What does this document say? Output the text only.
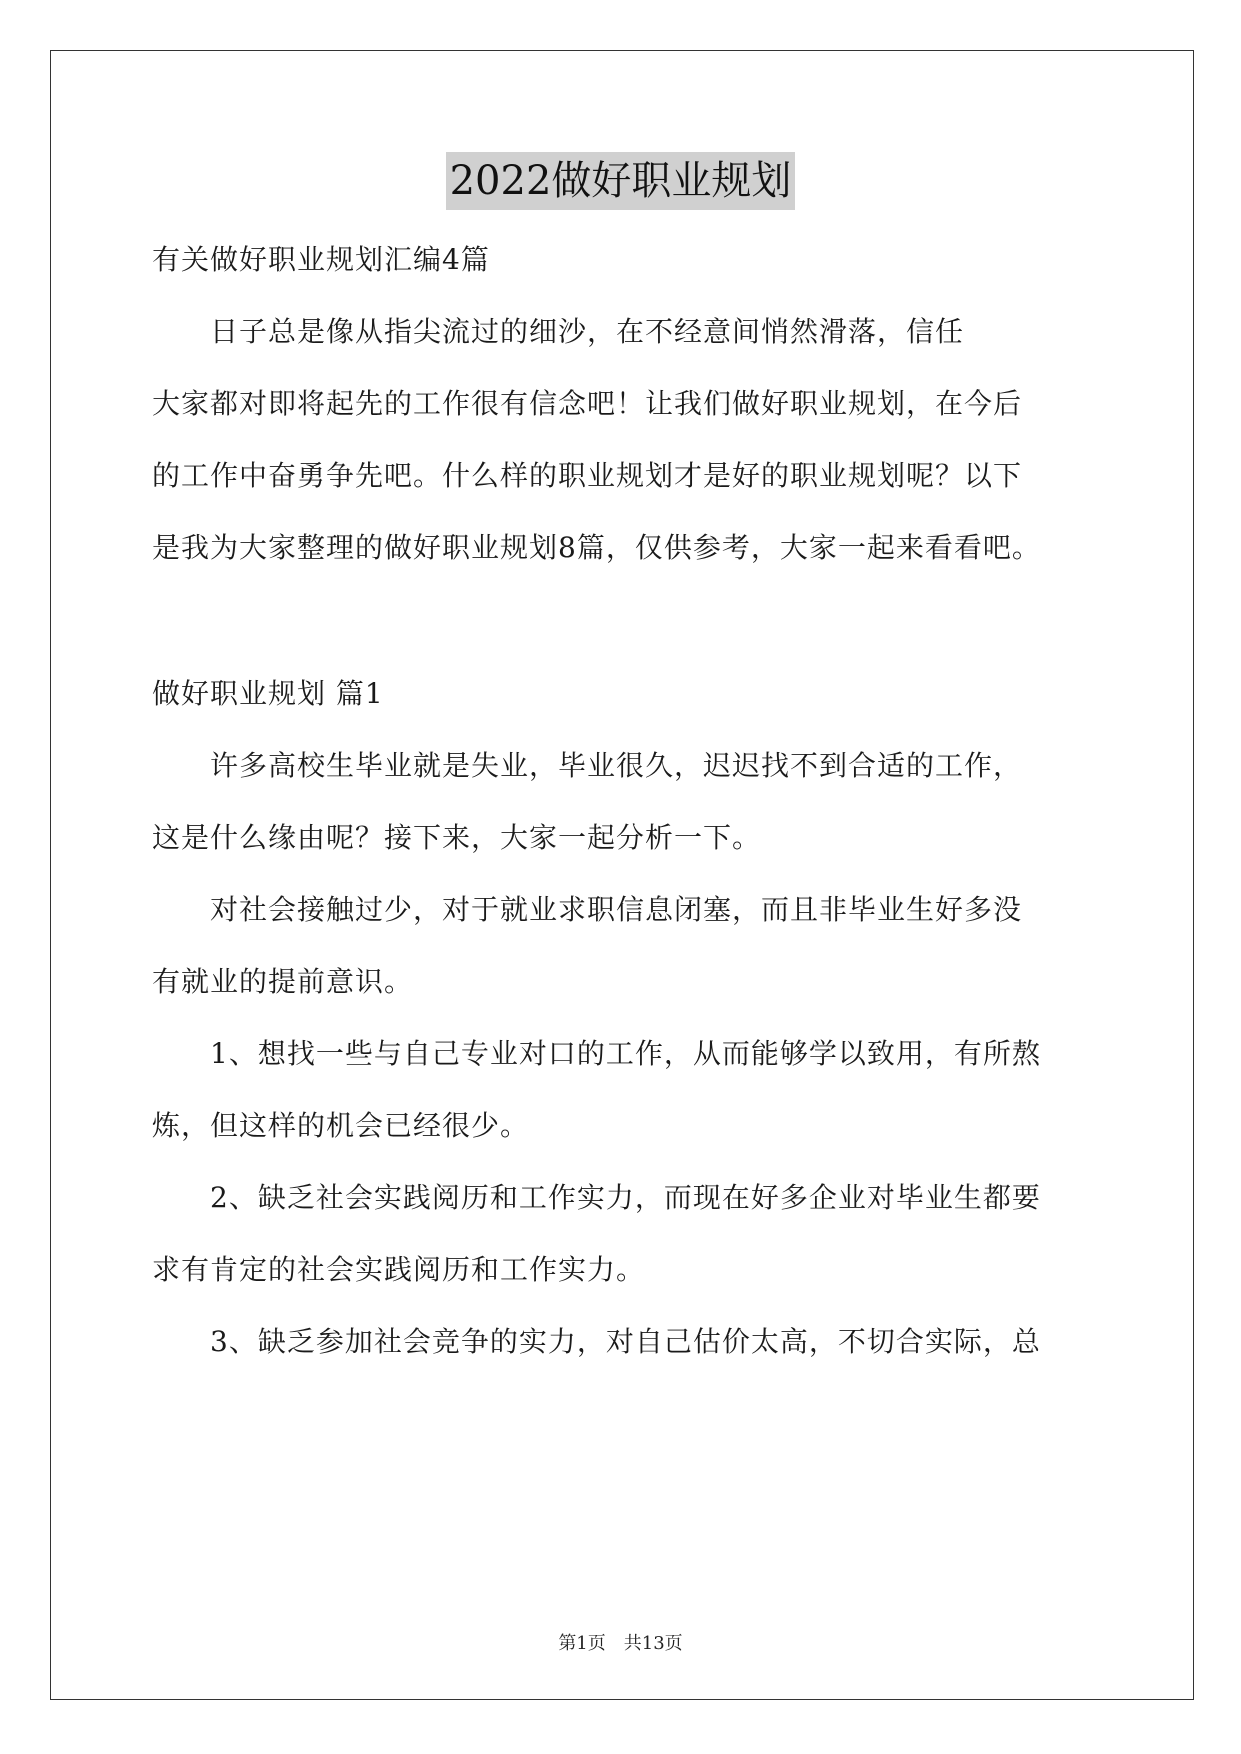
2022做好职业规划
有关做好职业规划汇编4篇
　　日子总是像从指尖流过的细沙，在不经意间悄然滑落，信任
大家都对即将起先的工作很有信念吧！让我们做好职业规划，在今后
的工作中奋勇争先吧。什么样的职业规划才是好的职业规划呢？以下
是我为大家整理的做好职业规划8篇，仅供参考，大家一起来看看吧。
做好职业规划 篇1
　　许多高校生毕业就是失业，毕业很久，迟迟找不到合适的工作，
这是什么缘由呢？接下来，大家一起分析一下。
　　对社会接触过少，对于就业求职信息闭塞，而且非毕业生好多没
有就业的提前意识。
　　1、想找一些与自己专业对口的工作，从而能够学以致用，有所熬
炼，但这样的机会已经很少。
　　2、缺乏社会实践阅历和工作实力，而现在好多企业对毕业生都要
求有肯定的社会实践阅历和工作实力。
　　3、缺乏参加社会竞争的实力，对自己估价太高，不切合实际，总
第1页　共13页
